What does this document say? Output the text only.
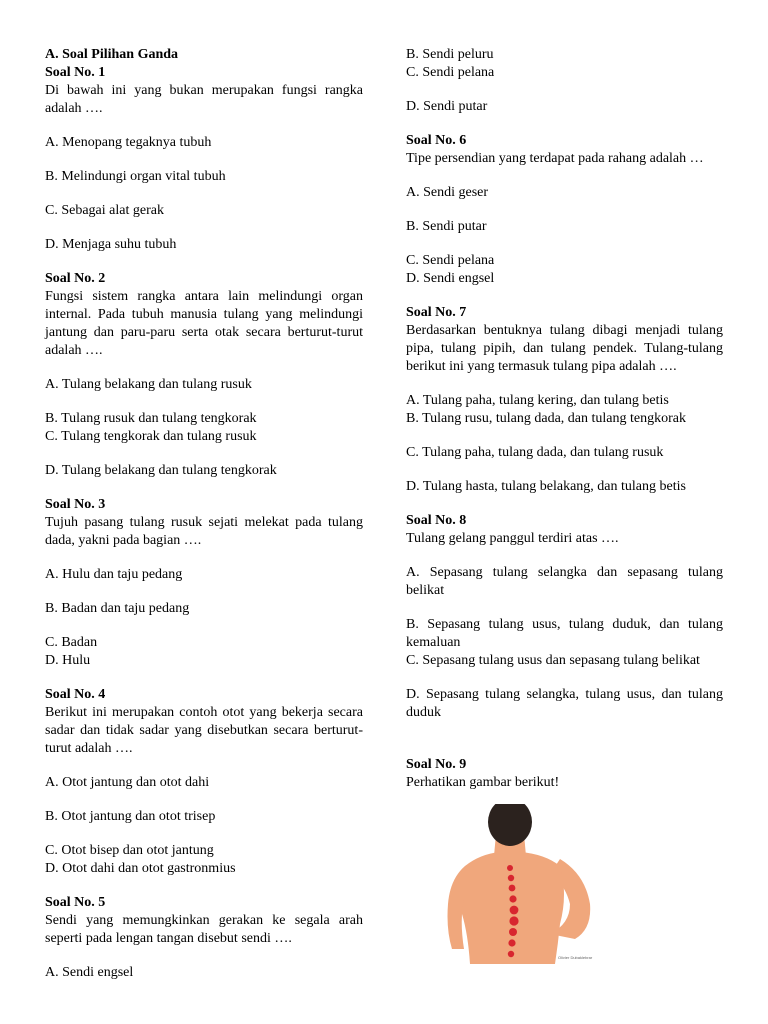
A. Soal Pilihan Ganda
Soal No. 1
Di bawah ini yang bukan merupakan fungsi rangka adalah ….
A. Menopang tegaknya tubuh
B. Melindungi organ vital tubuh
C. Sebagai alat gerak
D. Menjaga suhu tubuh
Soal No. 2
Fungsi sistem rangka antara lain melindungi organ internal. Pada tubuh manusia tulang yang melindungi jantung dan paru-paru serta otak secara berturut-turut adalah ….
A. Tulang belakang dan tulang rusuk
B. Tulang rusuk dan tulang tengkorak
C. Tulang tengkorak dan tulang rusuk
D. Tulang belakang dan tulang tengkorak
Soal No. 3
Tujuh pasang tulang rusuk sejati melekat pada tulang dada, yakni pada bagian ….
A. Hulu dan taju pedang
B. Badan dan taju pedang
C. Badan
D. Hulu
Soal No. 4
Berikut ini merupakan contoh otot yang bekerja secara sadar dan tidak sadar yang disebutkan secara berturut-turut adalah ….
A. Otot jantung dan otot dahi
B. Otot jantung dan otot trisep
C. Otot bisep dan otot jantung
D. Otot dahi dan otot gastronmius
Soal No. 5
Sendi yang memungkinkan gerakan ke segala arah seperti pada lengan tangan disebut sendi ….
A. Sendi engsel
B. Sendi peluru
C. Sendi pelana
D. Sendi putar
Soal No. 6
Tipe persendian yang terdapat pada rahang adalah …
A. Sendi geser
B. Sendi putar
C. Sendi pelana
D. Sendi engsel
Soal No. 7
Berdasarkan bentuknya tulang dibagi menjadi tulang pipa, tulang pipih, dan tulang pendek. Tulang-tulang berikut ini yang termasuk tulang pipa adalah ….
A. Tulang paha, tulang kering, dan tulang betis
B. Tulang rusu, tulang dada, dan tulang tengkorak
C. Tulang paha, tulang dada, dan tulang rusuk
D. Tulang hasta, tulang belakang, dan tulang betis
Soal No. 8
Tulang gelang panggul terdiri atas ….
A. Sepasang tulang selangka dan sepasang tulang belikat
B. Sepasang tulang usus, tulang duduk, dan tulang kemaluan
C. Sepasang tulang usus dan sepasang tulang belikat
D. Sepasang tulang selangka, tulang usus, dan tulang duduk
Soal No. 9
Perhatikan gambar berikut!
Olivier Dubaklebrar
